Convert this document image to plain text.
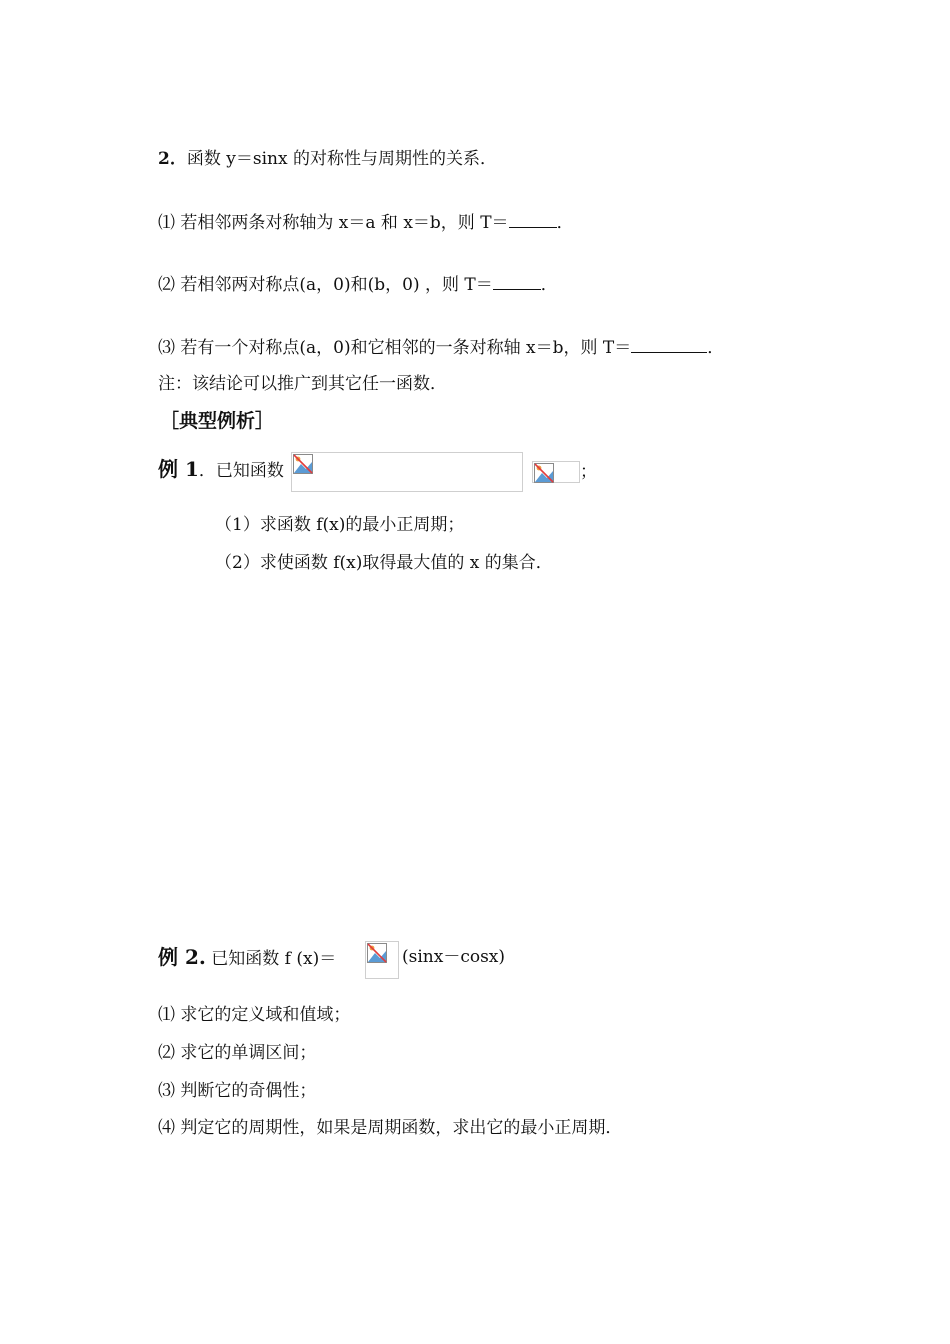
2．函数 y＝sinx 的对称性与周期性的关系．
⑴ 若相邻两条对称轴为 x＝a 和 x＝b，则 T＝	．
⑵ 若相邻两对称点(a，0)和(b，0) ，则 T＝	．
⑶ 若有一个对称点(a，0)和它相邻的一条对称轴 x＝b，则 T＝	．
注：该结论可以推广到其它任一函数．
［典型例析］
例 1．已知函数	；
（1）求函数 f(x)的最小正周期；
（2）求使函数 f(x)取得最大值的 x 的集合．
例 2. 已知函数 f (x)＝	(sinx－cosx)
⑴ 求它的定义域和值域；
⑵ 求它的单调区间；
⑶ 判断它的奇偶性；
⑷ 判定它的周期性，如果是周期函数，求出它的最小正周期．
